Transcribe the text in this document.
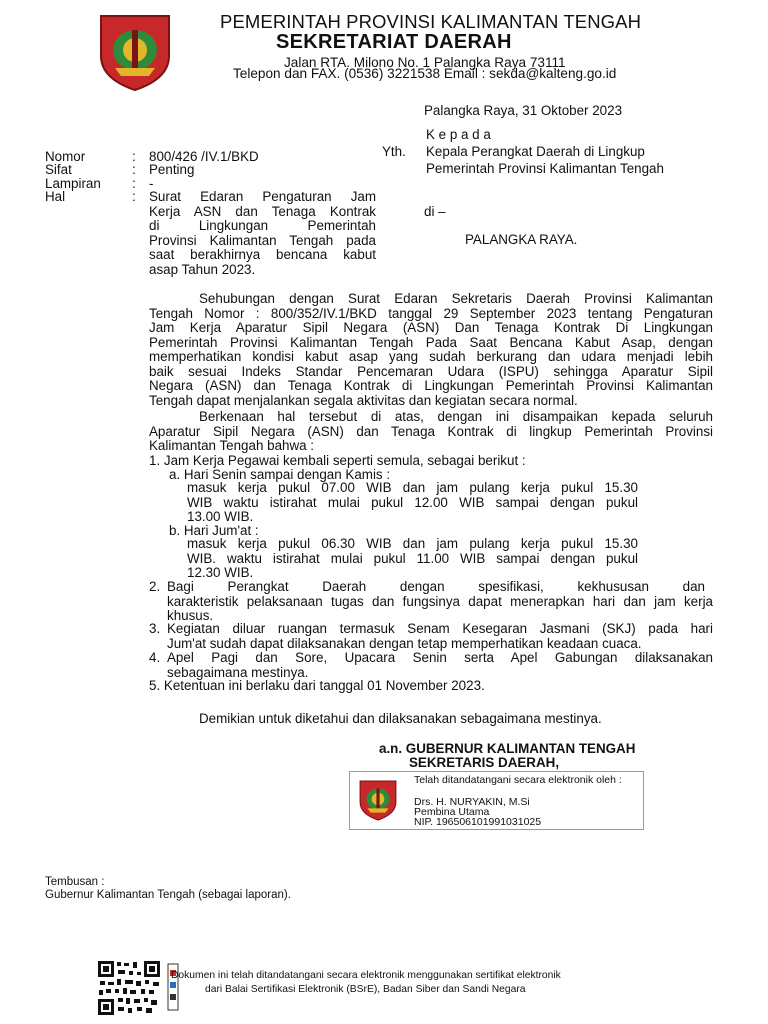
PEMERINTAH PROVINSI KALIMANTAN TENGAH
SEKRETARIAT DAERAH
Jalan RTA. Milono No. 1 Palangka Raya 73111
Telepon dan FAX. (0536) 3221538 Email : sekda@kalteng.go.id
Palangka Raya, 31 Oktober 2023
K e p a d a
Yth. Kepala Perangkat Daerah di Lingkup
Pemerintah Provinsi Kalimantan Tengah
di –
PALANGKA RAYA.
Nomor	: 800/426 /IV.1/BKD
Sifat	: Penting
Lampiran : -
Hal	: Surat Edaran Pengaturan Jam
Kerja ASN dan Tenaga Kontrak
di Lingkungan Pemerintah
Provinsi Kalimantan Tengah pada
saat berakhirnya bencana kabut
asap Tahun 2023.
Sehubungan dengan Surat Edaran Sekretaris Daerah Provinsi Kalimantan
Tengah Nomor : 800/352/IV.1/BKD tanggal 29 September 2023 tentang Pengaturan
Jam Kerja Aparatur Sipil Negara (ASN) Dan Tenaga Kontrak Di Lingkungan
Pemerintah Provinsi Kalimantan Tengah Pada Saat Bencana Kabut Asap, dengan
memperhatikan kondisi kabut asap yang sudah berkurang dan udara menjadi lebih
baik sesuai Indeks Standar Pencemaran Udara (ISPU) sehingga Aparatur Sipil
Negara (ASN) dan Tenaga Kontrak di Lingkungan Pemerintah Provinsi Kalimantan
Tengah dapat menjalankan segala aktivitas dan kegiatan secara normal.
Berkenaan hal tersebut di atas, dengan ini disampaikan kepada seluruh
Aparatur Sipil Negara (ASN) dan Tenaga Kontrak di lingkup Pemerintah Provinsi
Kalimantan Tengah bahwa :
1. Jam Kerja Pegawai kembali seperti semula, sebagai berikut :
a. Hari Senin sampai dengan Kamis :
masuk kerja pukul 07.00 WIB dan jam pulang kerja pukul 15.30
WIB waktu istirahat mulai pukul 12.00 WIB sampai dengan pukul
13.00 WIB.
b. Hari Jum'at :
masuk kerja pukul 06.30 WIB dan jam pulang kerja pukul 15.30
WIB. waktu istirahat mulai pukul 11.00 WIB sampai dengan pukul
12.30 WIB.
2. Bagi Perangkat Daerah dengan spesifikasi, kekhususan dan
karakteristik pelaksanaan tugas dan fungsinya dapat menerapkan hari dan jam kerja
khusus.
3. Kegiatan diluar ruangan termasuk Senam Kesegaran Jasmani (SKJ) pada hari
Jum'at sudah dapat dilaksanakan dengan tetap memperhatikan keadaan cuaca.
4. Apel Pagi dan Sore, Upacara Senin serta Apel Gabungan dilaksanakan
sebagaimana mestinya.
5. Ketentuan ini berlaku dari tanggal 01 November 2023.
Demikian untuk diketahui dan dilaksanakan sebagaimana mestinya.
a.n. GUBERNUR KALIMANTAN TENGAH
SEKRETARIS DAERAH,
Telah ditandatangani secara elektronik oleh :
Drs. H. NURYAKIN, M.Si
Pembina Utama
NIP. 196506101991031025
Tembusan :
Gubernur Kalimantan Tengah (sebagai laporan).
Dokumen ini telah ditandatangani secara elektronik menggunakan sertifikat elektronik
dari Balai Sertifikasi Elektronik (BSrE), Badan Siber dan Sandi Negara
